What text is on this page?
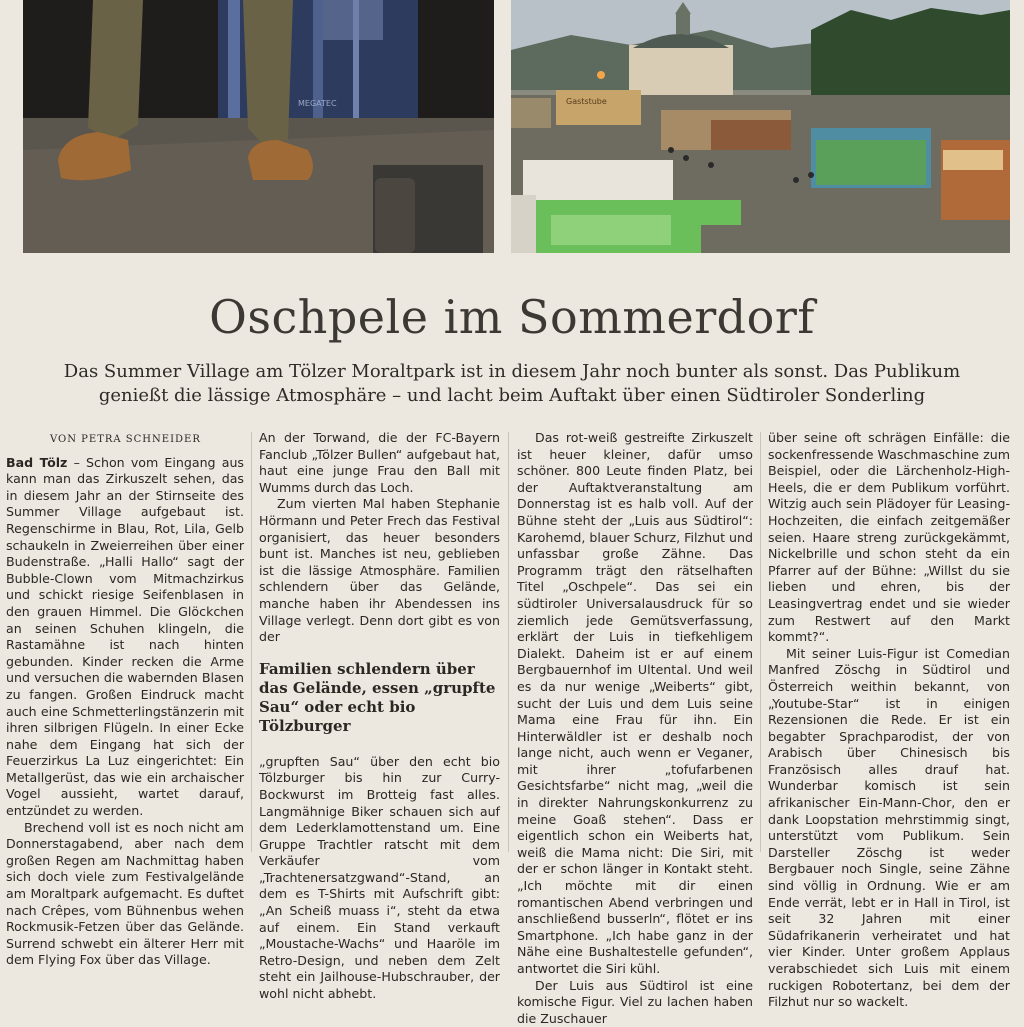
MEGATEC	Gaststube
Oschpele im Sommerdorf
Das Summer Village am Tölzer Moraltpark ist in diesem Jahr noch bunter als sonst. Das Publikum genießt die lässige Atmosphäre – und lacht beim Auftakt über einen Südtiroler Sonderling
VON PETRA SCHNEIDER

Bad Tölz – Schon vom Eingang aus kann man das Zirkuszelt sehen, das in diesem Jahr an der Stirnseite des Summer Village aufgebaut ist. Regenschirme in Blau, Rot, Lila, Gelb schaukeln in Zweierreihen über einer Budenstraße. „Halli Hallo“ sagt der Bubble-Clown vom Mitmachzirkus und schickt riesige Seifenblasen in den grauen Himmel. Die Glöckchen an seinen Schuhen klingeln, die Rastamähne ist nach hinten gebunden. Kinder recken die Arme und versuchen die wabernden Blasen zu fangen. Großen Eindruck macht auch eine Schmetterlingstänzerin mit ihren silbrigen Flügeln. In einer Ecke nahe dem Eingang hat sich der Feuerzirkus La Luz eingerichtet: Ein Metallgerüst, das wie ein archaischer Vogel aussieht, wartet darauf, entzündet zu werden.

Brechend voll ist es noch nicht am Donnerstagabend, aber nach dem großen Regen am Nachmittag haben sich doch viele zum Festivalgelände am Moraltpark aufgemacht. Es duftet nach Crêpes, vom Bühnenbus wehen Rockmusik-Fetzen über das Gelände. Surrend schwebt ein älterer Herr mit dem Flying Fox über das Village.

An der Torwand, die der FC-Bayern Fanclub „Tölzer Bullen“ aufgebaut hat, haut eine junge Frau den Ball mit Wumms durch das Loch.

Zum vierten Mal haben Stephanie Hörmann und Peter Frech das Festival organisiert, das heuer besonders bunt ist. Manches ist neu, geblieben ist die lässige Atmosphäre. Familien schlendern über das Gelände, manche haben ihr Abendessen ins Village verlegt. Denn dort gibt es von der

Familien schlendern über das Gelände, essen „grupfte Sau“ oder echt bio Tölzburger

„grupften Sau“ über den echt bio Tölzburger bis hin zur Curry-Bockwurst im Brotteig fast alles. Langmähnige Biker schauen sich auf dem Lederklamottenstand um. Eine Gruppe Trachtler ratscht mit dem Verkäufer vom „Trachtenersatzgwand“-Stand, an dem es T-Shirts mit Aufschrift gibt: „An Scheiß muass i“, steht da etwa auf einem. Ein Stand verkauft „Moustache-Wachs“ und Haaröle im Retro-Design, und neben dem Zelt steht ein Jailhouse-Hubschrauber, der wohl nicht abhebt.

Das rot-weiß gestreifte Zirkuszelt ist heuer kleiner, dafür umso schöner. 800 Leute finden Platz, bei der Auftaktveranstaltung am Donnerstag ist es halb voll. Auf der Bühne steht der „Luis aus Südtirol“: Karohemd, blauer Schurz, Filzhut und unfassbar große Zähne. Das Programm trägt den rätselhaften Titel „Oschpele“. Das sei ein südtiroler Universalausdruck für so ziemlich jede Gemütsverfassung, erklärt der Luis in tiefkehligem Dialekt. Daheim ist er auf einem Bergbauernhof im Ultental. Und weil es da nur wenige „Weiberts“ gibt, sucht der Luis und dem Luis seine Mama eine Frau für ihn. Ein Hinterwäldler ist er deshalb noch lange nicht, auch wenn er Veganer, mit ihrer „tofufarbenen Gesichtsfarbe“ nicht mag, „weil die in direkter Nahrungskonkurrenz zu meine Goaß stehen“. Dass er eigentlich schon ein Weiberts hat, weiß die Mama nicht: Die Siri, mit der er schon länger in Kontakt steht. „Ich möchte mit dir einen romantischen Abend verbringen und anschließend busserln“, flötet er ins Smartphone. „Ich habe ganz in der Nähe eine Bushaltestelle gefunden“, antwortet die Siri kühl.

Der Luis aus Südtirol ist eine komische Figur. Viel zu lachen haben die Zuschauer

über seine oft schrägen Einfälle: die sockenfressende Waschmaschine zum Beispiel, oder die Lärchenholz-High-Heels, die er dem Publikum vorführt. Witzig auch sein Plädoyer für Leasing-Hochzeiten, die einfach zeitgemäßer seien. Haare streng zurückgekämmt, Nickelbrille und schon steht da ein Pfarrer auf der Bühne: „Willst du sie lieben und ehren, bis der Leasingvertrag endet und sie wieder zum Restwert auf den Markt kommt?“.

Mit seiner Luis-Figur ist Comedian Manfred Zöschg in Südtirol und Österreich weithin bekannt, von „Youtube-Star“ ist in einigen Rezensionen die Rede. Er ist ein begabter Sprachparodist, der von Arabisch über Chinesisch bis Französisch alles drauf hat. Wunderbar komisch ist sein afrikanischer Ein-Mann-Chor, den er dank Loopstation mehrstimmig singt, unterstützt vom Publikum. Sein Darsteller Zöschg ist weder Bergbauer noch Single, seine Zähne sind völlig in Ordnung. Wie er am Ende verrät, lebt er in Hall in Tirol, ist seit 32 Jahren mit einer Südafrikanerin verheiratet und hat vier Kinder. Unter großem Applaus verabschiedet sich Luis mit einem ruckigen Robotertanz, bei dem der Filzhut nur so wackelt.
